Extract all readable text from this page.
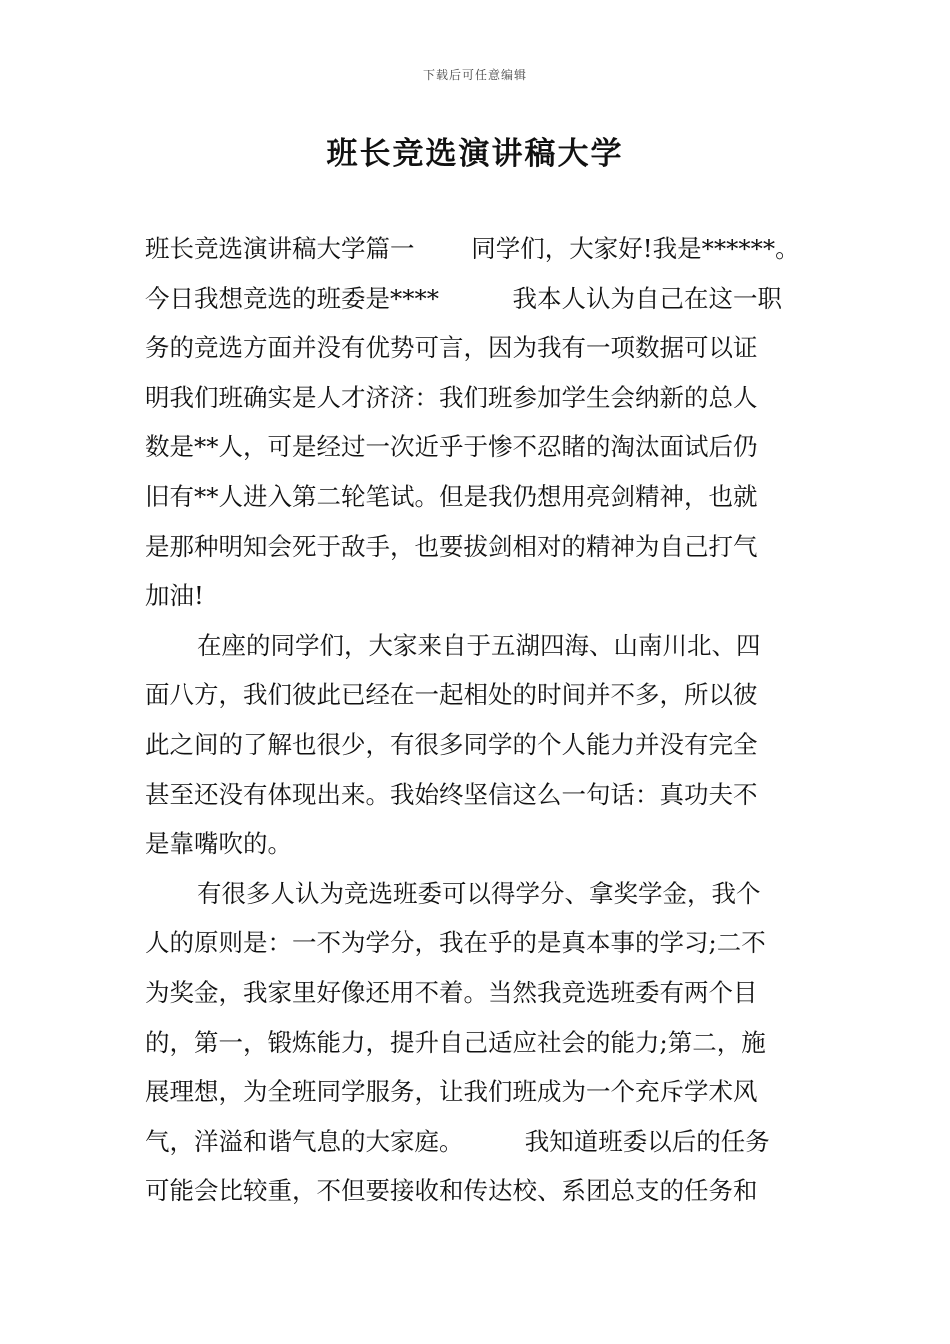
下载后可任意编辑
班长竞选演讲稿大学
班长竞选演讲稿大学篇一　　 同学们，大家好!我是******。
今日我想竞选的班委是****　　　我本人认为自己在这一职
务的竞选方面并没有优势可言，因为我有一项数据可以证
明我们班确实是人才济济：我们班参加学生会纳新的总人
数是**人，可是经过一次近乎于惨不忍睹的淘汰面试后仍
旧有**人进入第二轮笔试。但是我仍想用亮剑精神，也就
是那种明知会死于敌手，也要拔剑相对的精神为自己打气
加油!
在座的同学们，大家来自于五湖四海、山南川北、四
面八方，我们彼此已经在一起相处的时间并不多，所以彼
此之间的了解也很少，有很多同学的个人能力并没有完全
甚至还没有体现出来。我始终坚信这么一句话：真功夫不
是靠嘴吹的。
有很多人认为竞选班委可以得学分、拿奖学金，我个
人的原则是：一不为学分，我在乎的是真本事的学习;二不
为奖金，我家里好像还用不着。当然我竞选班委有两个目
的，第一，锻炼能力，提升自己适应社会的能力;第二，施
展理想，为全班同学服务，让我们班成为一个充斥学术风
气，洋溢和谐气息的大家庭。　　　我知道班委以后的任务
可能会比较重，不但要接收和传达校、系团总支的任务和
